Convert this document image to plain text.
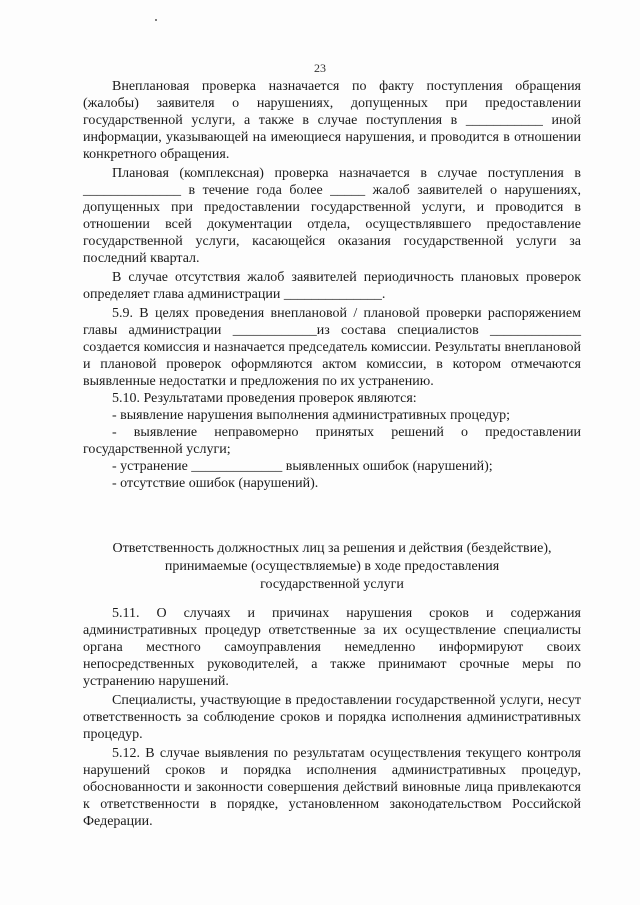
23

Внеплановая проверка назначается по факту поступления обращения (жалобы) заявителя о нарушениях, допущенных при предоставлении государственной услуги, а также в случае поступления в ___________ иной информации, указывающей на имеющиеся нарушения, и проводится в отношении конкретного обращения.

Плановая (комплексная) проверка назначается в случае поступления в ______________ в течение года более _____ жалоб заявителей о нарушениях, допущенных при предоставлении государственной услуги, и проводится в отношении всей документации отдела, осуществлявшего предоставление государственной услуги, касающейся оказания государственной услуги за последний квартал.

В случае отсутствия жалоб заявителей периодичность плановых проверок определяет глава администрации ______________.

5.9. В целях проведения внеплановой / плановой проверки распоряжением главы администрации ____________из состава специалистов _____________ создается комиссия и назначается председатель комиссии. Результаты внеплановой и плановой проверок оформляются актом комиссии, в котором отмечаются выявленные недостатки и предложения по их устранению.

5.10. Результатами проведения проверок являются:

- выявление нарушения выполнения административных процедур;

- выявление неправомерно принятых решений о предоставлении государственной услуги;

- устранение _____________ выявленных ошибок (нарушений);

- отсутствие ошибок (нарушений).

Ответственность должностных лиц за решения и действия (бездействие),
принимаемые (осуществляемые) в ходе предоставления
государственной услуги

5.11. О случаях и причинах нарушения сроков и содержания административных процедур ответственные за их осуществление специалисты органа местного самоуправления немедленно информируют своих непосредственных руководителей, а также принимают срочные меры по устранению нарушений.

Специалисты, участвующие в предоставлении государственной услуги, несут ответственность за соблюдение сроков и порядка исполнения административных процедур.

5.12. В случае выявления по результатам осуществления текущего контроля нарушений сроков и порядка исполнения административных процедур, обоснованности и законности совершения действий виновные лица привлекаются к ответственности в порядке, установленном законодательством Российской Федерации.
